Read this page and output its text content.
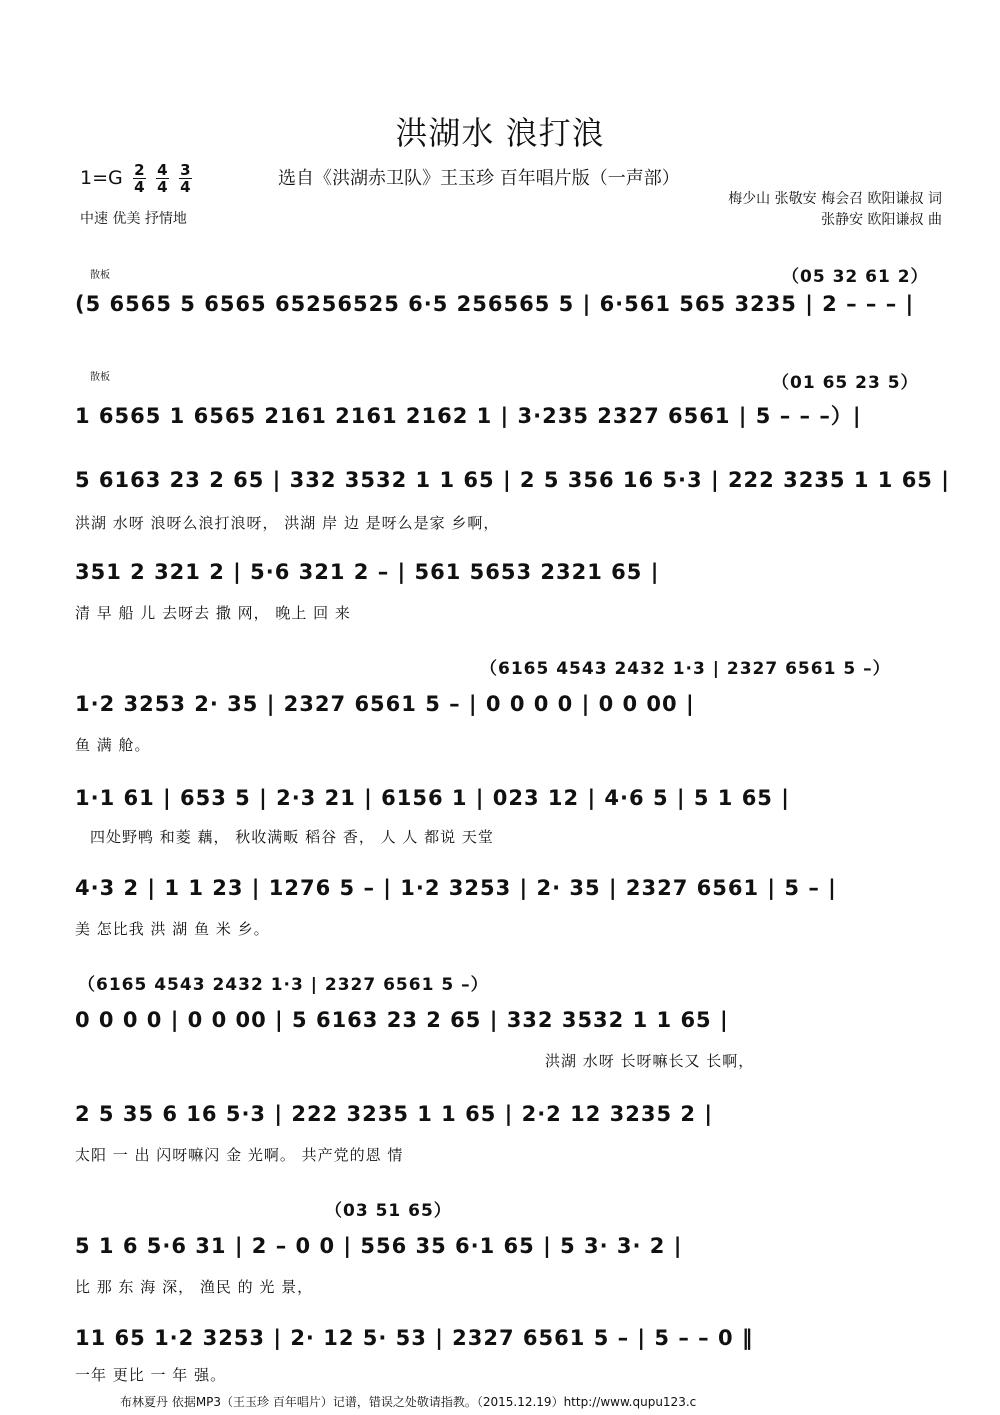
洪湖水 浪打浪
$1=G \frac{2}{4}$
$\frac{4}{4}$
$\frac{3}{4}$	选自《洪湖赤卫队》王玉珍 百年唱片版（一声部）
梅少山 张敬安 梅会召 欧阳谦叔 词
张静安 欧阳谦叔 曲
中速 优美 抒情地
散板	（05 32 61 2）
(5 6565 5 6565 65256525 6·5 256565 5 | 6·561 565 3235 | 2 – – – |
散板	（01 65 23 5）
1 6565 1 6565 2161 2161 2162 1 | 3·235 2327 6561 | 5 – – –）|
5 6163 23 2 65 | 332 3532 1 1 65 | 2 5 356 16 5·3 | 222 3235 1 1 65 |
洪湖 水呀 浪呀么浪打浪呀， 洪湖 岸 边 是呀么是家 乡啊，
351 2 321 2 | 5·6 321 2 – | 561 5653 2321 65 |
清 早 船 儿 去呀去 撒 网， 晚上 回 来
（6165 4543 2432 1·3 | 2327 6561 5 –）
1·2 3253 2· 35 | 2327 6561 5 – | 0 0 0 0 | 0 0 00 |
鱼 满 舱。
1·1 61 | 653 5 | 2·3 21 | 6156 1 | 023 12 | 4·6 5 | 5 1 65 |
四处野鸭 和菱 藕， 秋收满畈 稻谷 香， 人 人 都说 天堂
4·3 2 | 1 1 23 | 1276 5 – | 1·2 3253 | 2· 35 | 2327 6561 | 5 – |
美 怎比我 洪 湖 鱼 米 乡。
（6165 4543 2432 1·3 | 2327 6561 5 –）
0 0 0 0 | 0 0 00 | 5 6163 23 2 65 | 332 3532 1 1 65 |
洪湖 水呀 长呀嘛长又 长啊，
2 5 35 6 16 5·3 | 222 3235 1 1 65 | 2·2 12 3235 2 |
太阳 一 出 闪呀嘛闪 金 光啊。 共产党的恩 情
（03 51 65）
5 1 6 5·6 31 | 2 – 0 0 | 556 35 6·1 65 | 5 3· 3· 2 |
比 那 东 海 深， 渔民 的 光 景，
11 65 1·2 3253 | 2· 12 5· 53 | 2327 6561 5 – | 5 – – 0 ‖
一年 更比 一 年 强。
布林夏丹 依据MP3（王玉珍 百年唱片）记谱，错误之处敬请指教。（2015.12.19）http://www.qupu123.c
